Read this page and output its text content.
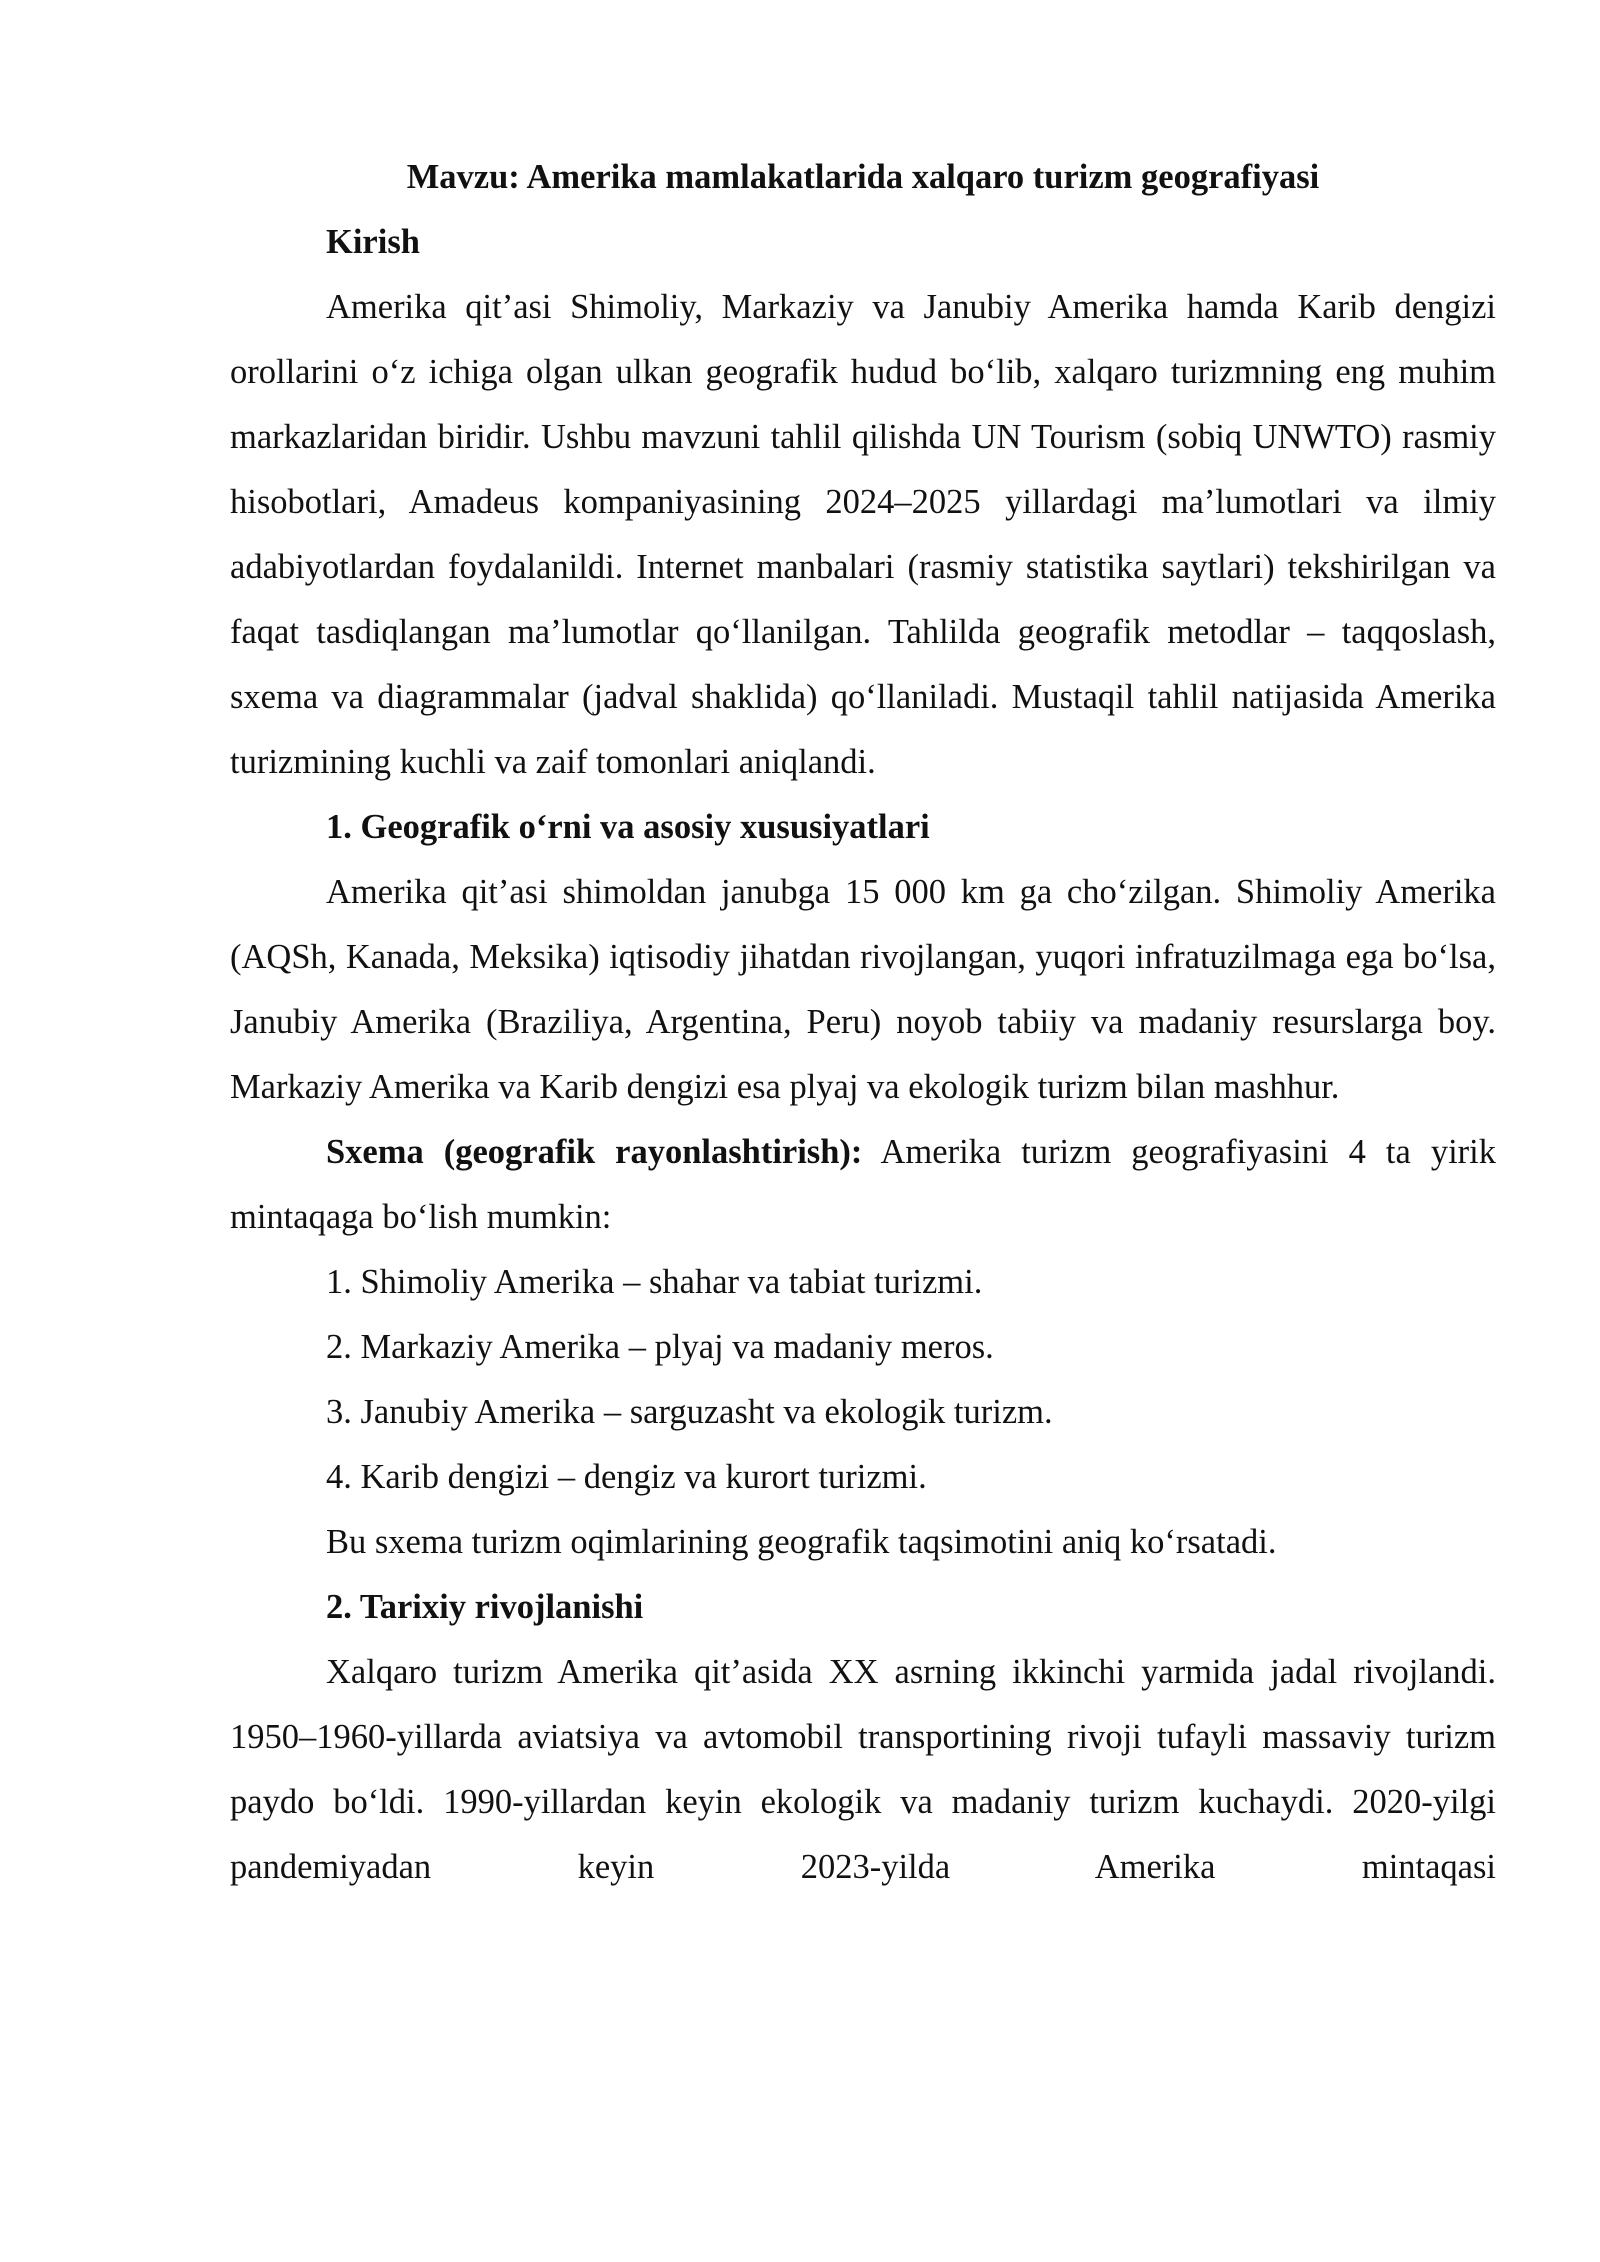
Mavzu: Amerika mamlakatlarida xalqaro turizm geografiyasi

Kirish

Amerika qit’asi Shimoliy, Markaziy va Janubiy Amerika hamda Karib dengizi orollarini o‘z ichiga olgan ulkan geografik hudud bo‘lib, xalqaro turizmning eng muhim markazlaridan biridir. Ushbu mavzuni tahlil qilishda UN Tourism (sobiq UNWTO) rasmiy hisobotlari, Amadeus kompaniyasining 2024–2025 yillardagi ma’lumotlari va ilmiy adabiyotlardan foydalanildi. Internet manbalari (rasmiy statistika saytlari) tekshirilgan va faqat tasdiqlangan ma’lumotlar qo‘llanilgan. Tahlilda geografik metodlar – taqqoslash, sxema va diagrammalar (jadval shaklida) qo‘llaniladi. Mustaqil tahlil natijasida Amerika turizmining kuchli va zaif tomonlari aniqlandi.

1. Geografik o‘rni va asosiy xususiyatlari

Amerika qit’asi shimoldan janubga 15 000 km ga cho‘zilgan. Shimoliy Amerika (AQSh, Kanada, Meksika) iqtisodiy jihatdan rivojlangan, yuqori infratuzilmaga ega bo‘lsa, Janubiy Amerika (Braziliya, Argentina, Peru) noyob tabiiy va madaniy resurslarga boy. Markaziy Amerika va Karib dengizi esa plyaj va ekologik turizm bilan mashhur.

Sxema (geografik rayonlashtirish): Amerika turizm geografiyasini 4 ta yirik mintaqaga bo‘lish mumkin:

1. Shimoliy Amerika – shahar va tabiat turizmi.

2. Markaziy Amerika – plyaj va madaniy meros.

3. Janubiy Amerika – sarguzasht va ekologik turizm.

4. Karib dengizi – dengiz va kurort turizmi.

Bu sxema turizm oqimlarining geografik taqsimotini aniq ko‘rsatadi.

2. Tarixiy rivojlanishi

Xalqaro turizm Amerika qit’asida XX asrning ikkinchi yarmida jadal rivojlandi. 1950–1960-yillarda aviatsiya va avtomobil transportining rivoji tufayli massaviy turizm paydo bo‘ldi. 1990-yillardan keyin ekologik va madaniy turizm kuchaydi. 2020-yilgi pandemiyadan keyin 2023-yilda Amerika mintaqasi
